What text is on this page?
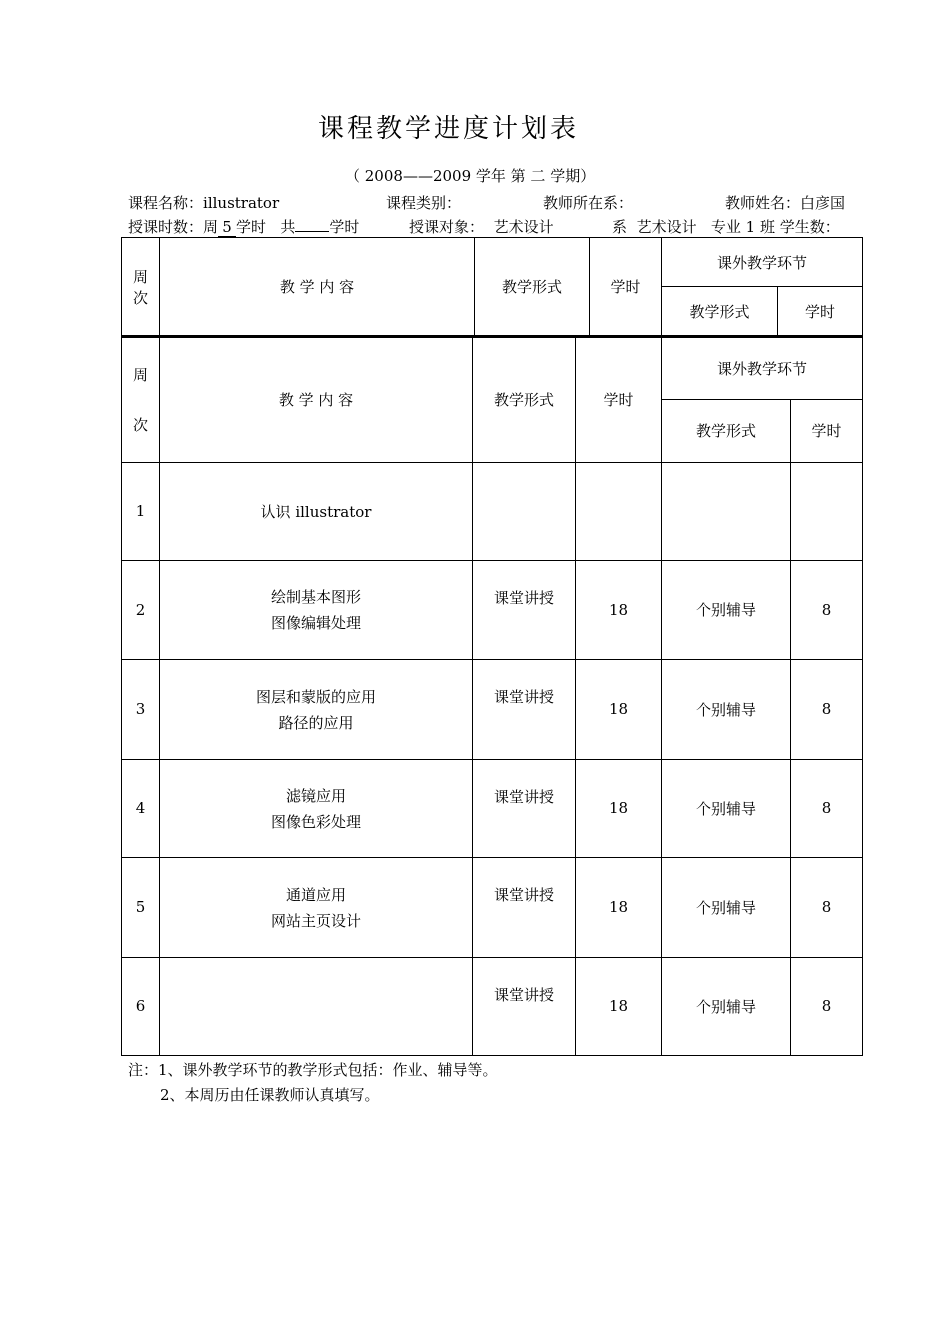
课程教学进度计划表
（ 2008——2009 学年 第 二 学期）
课程名称：illustrator	课程类别：	教师所在系：	教师姓名：白彦国
授课时数：周 5 学时 共 学时	授课对象： 艺术设计	系 艺术设计 专业 1 班 学生数：
周
次	教 学 内 容	教学形式	学时	课外教学环节	
				教学形式	学时
周
次	教 学 内 容	教学形式	学时	课外教学环节	
				教学形式	学时
1	认识 illustrator				

2	绘制基本图形
图像编辑处理	课堂讲授	18	个别辅导	8
3	图层和蒙版的应用
路径的应用	课堂讲授	18	个别辅导	8
4	滤镜应用
图像色彩处理	课堂讲授	18	个别辅导	8
5	通道应用
网站主页设计	课堂讲授	18	个别辅导	8
6		课堂讲授	18	个别辅导	8
注：1、课外教学环节的教学形式包括：作业、辅导等。
2、本周历由任课教师认真填写。
